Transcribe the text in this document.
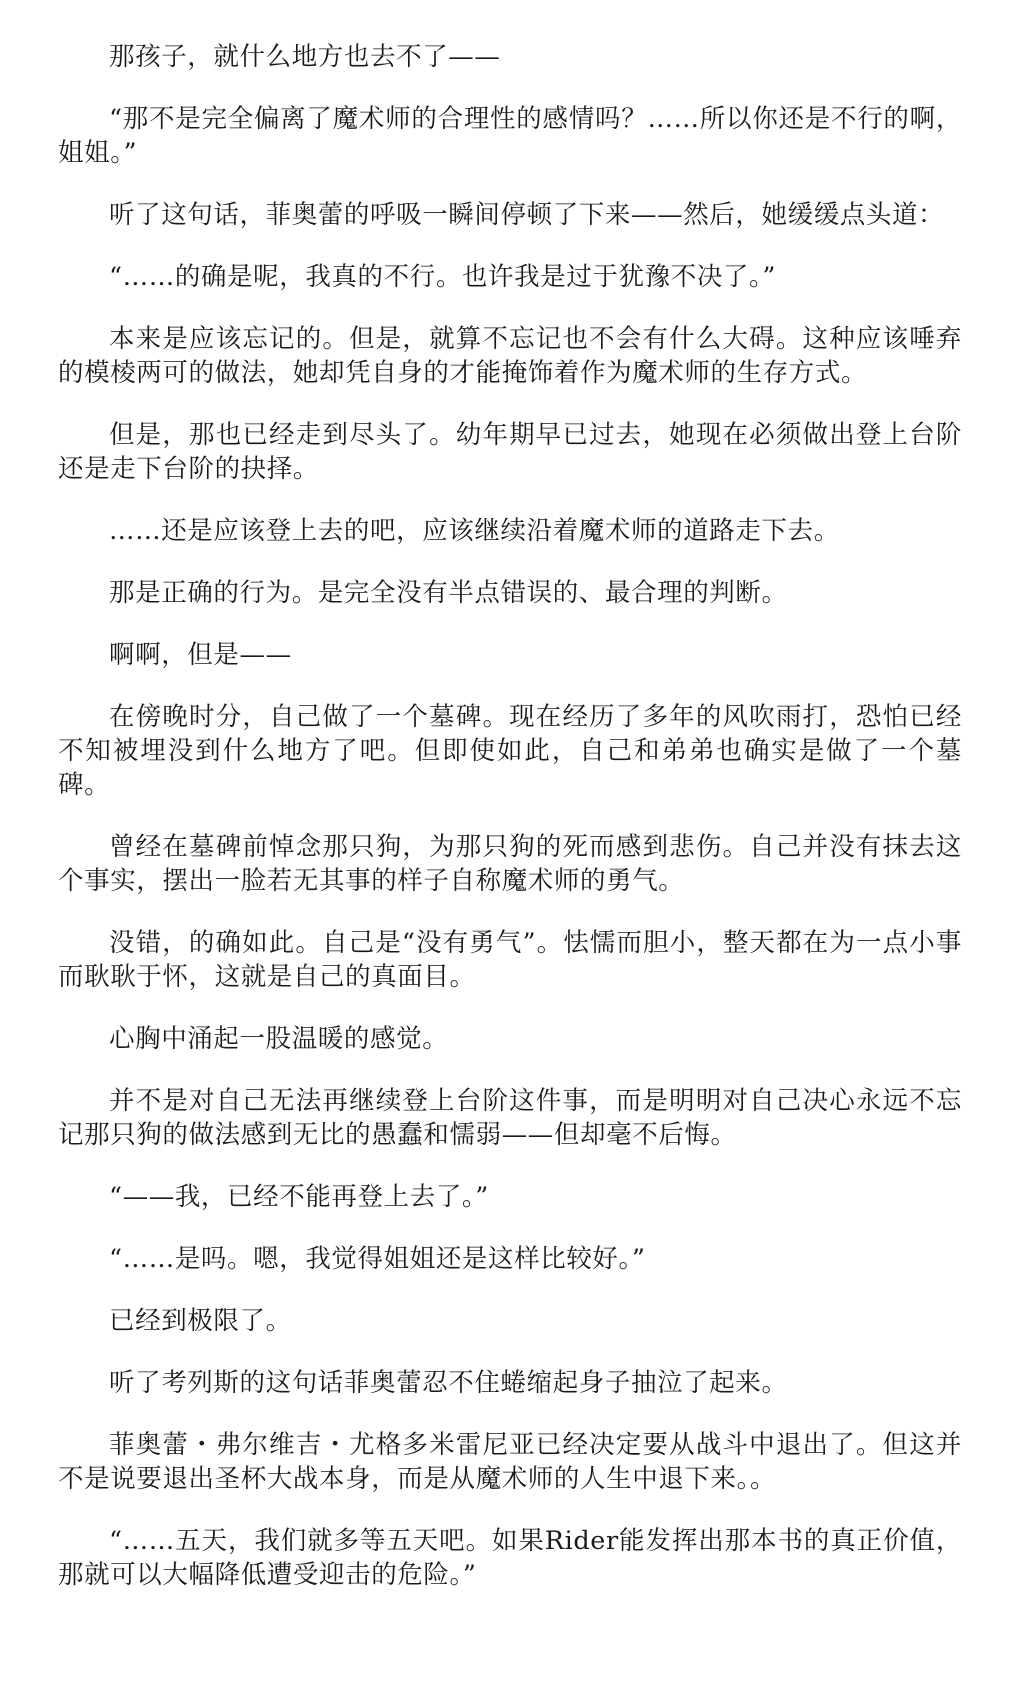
那孩子，就什么地方也去不了——

“那不是完全偏离了魔术师的合理性的感情吗？……所以你还是不行的啊，姐姐。”

听了这句话，菲奥蕾的呼吸一瞬间停顿了下来——然后，她缓缓点头道：

“……的确是呢，我真的不行。也许我是过于犹豫不决了。”

本来是应该忘记的。但是，就算不忘记也不会有什么大碍。这种应该唾弃的模棱两可的做法，她却凭自身的才能掩饰着作为魔术师的生存方式。

但是，那也已经走到尽头了。幼年期早已过去，她现在必须做出登上台阶还是走下台阶的抉择。

……还是应该登上去的吧，应该继续沿着魔术师的道路走下去。

那是正确的行为。是完全没有半点错误的、最合理的判断。

啊啊，但是——

在傍晚时分，自己做了一个墓碑。现在经历了多年的风吹雨打，恐怕已经不知被埋没到什么地方了吧。但即使如此，自己和弟弟也确实是做了一个墓碑。

曾经在墓碑前悼念那只狗，为那只狗的死而感到悲伤。自己并没有抹去这个事实，摆出一脸若无其事的样子自称魔术师的勇气。

没错，的确如此。自己是“没有勇气”。怯懦而胆小，整天都在为一点小事而耿耿于怀，这就是自己的真面目。

心胸中涌起一股温暖的感觉。

并不是对自己无法再继续登上台阶这件事，而是明明对自己决心永远不忘记那只狗的做法感到无比的愚蠢和懦弱——但却毫不后悔。

“——我，已经不能再登上去了。”

“……是吗。嗯，我觉得姐姐还是这样比较好。”

已经到极限了。

听了考列斯的这句话菲奥蕾忍不住蜷缩起身子抽泣了起来。

菲奥蕾・弗尔维吉・尤格多米雷尼亚已经决定要从战斗中退出了。但这并不是说要退出圣杯大战本身，而是从魔术师的人生中退下来。。

“……五天，我们就多等五天吧。如果Rider能发挥出那本书的真正价值，那就可以大幅降低遭受迎击的危险。”
